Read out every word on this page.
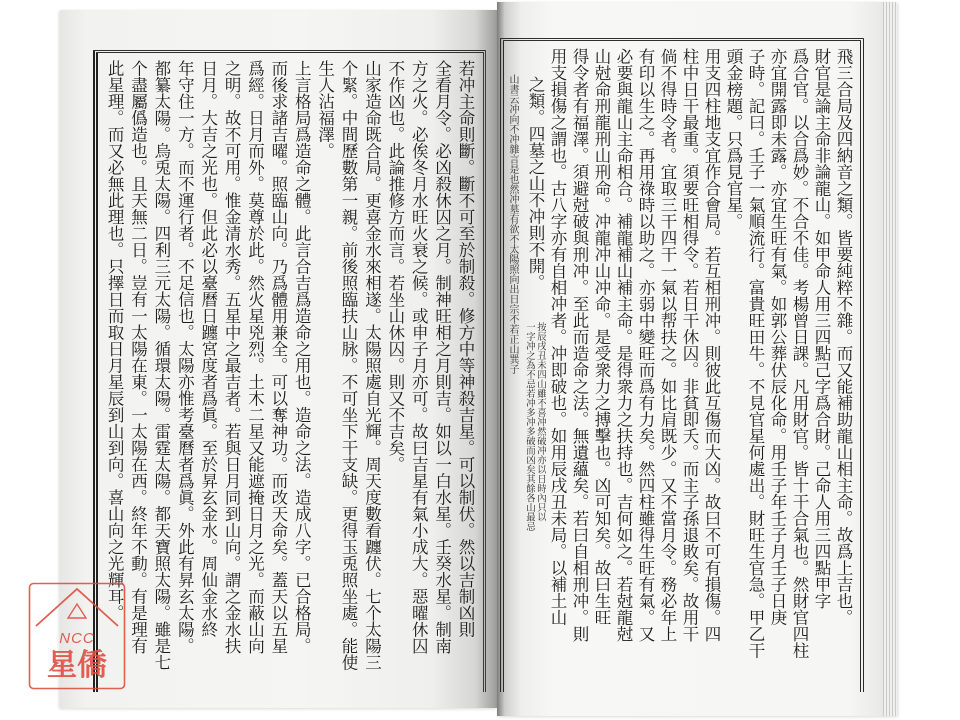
若冲主命則斷。斷不可至於制殺。修方中等神殺吉星。可以制伏。然以吉制凶則
全看月令。必凶殺休囚之月。制神旺相之月則吉。如以一白水星。壬癸水星。制南
方之火。必俟冬月水旺火衰之候。或申子月亦可。故曰吉星有氣小成大。惡曜休囚
不作凶也。此論推修方而言。若坐山休囚。則又不吉矣。
山家造命既合局。更喜金水來相遂。太陽照處自光輝。周天度數看躔伏。七个太陽三
个緊。中間歷數第一親。前後照臨扶山脉。不可坐下干支缺。更得玉兎照坐處。能使
生人沾福澤。
上言格局爲造命之體。此言合吉爲造命之用也。造命之法。造成八字。已合格局。
而後求諸吉曜。照臨山向。乃爲體用兼全。可以奪神功。而改天命矣。蓋天以五星
爲經。日月而外。莫尊於此。然火星兇烈。土木二星又能遮掩日月之光。而蔽山向
之明。故不可用。惟金清水秀。五星中之最吉者。若與日月同到山向。謂之金水扶
日月。大吉之光也。但此必以臺曆日躔宮度者爲眞。至於昇玄金水。周仙金水終
年守住一方。而不運行者。不足信也。太陽亦惟考臺曆者爲眞。外此有昇玄太陽。
都纂太陽。烏兎太陽。四利三元太陽。循環太陽。雷霆太陽。都天寶照太陽。雖是七
个盡屬僞造也。且天無二日。豈有一太陽在東。一太陽在西。終年不動。有是理有
此星理。而又必無此理也。只擇日而取日月星辰到山到向。喜山向之光輝耳。	山書云冲向不冲雜言是也然冲墓有欲不太陽照向出日宗不若正山巽子	飛三合局及四納音之類。皆要純粹不雜。而又能補助龍山相主命。故爲上吉也。
財官是論主命非論龍山。如甲命人用三四點己字爲合財。己命人用三四點甲字
爲合官。以合爲妙。不合不佳。考楊曾日課。凡用財官。皆十干合氣也。然財官四柱
亦宜開露即未露。亦宜生旺有氣。如郭公葬伏辰化命。用壬子年壬子月壬子日庚
子時。記曰。壬子一氣順流行。富貴旺田牛。不見官星何處出。財旺生官急。甲乙干
頭金榜題。只爲見官星。
用支四柱地支宜作合會局。若互相刑冲。則彼此互傷而大凶。故曰不可有損傷。四
柱中日干最重。須要旺相得令。若日干休囚。非貧即夭。而主子孫退敗矣。故用干
倘不得時令者。宜取三干四干一氣以帮扶之。如比肩既少。又不當月令。務必年上
有印以生之。再用祿時以助之。亦弱中變旺而爲有力矣。然四柱雖得生旺有氣。又
必要與龍山主命相合。補龍補山補主命。是得衆力之扶持也。吉何如之。若尅龍尅
山尅命刑龍刑山刑命。冲龍冲山冲命。是受衆力之搏擊也。凶可知矣。故曰生旺
得令者有福澤。須避尅破與刑冲。至此而造命之法。無遺蘊矣。若曰自相刑冲。則
用支損傷之謂也。古八字亦有自相冲者。冲即破也。如用辰戌丑未局。以補土山
之類。四墓之山不冲則不開。
按辰戌丑未四山雖不喜冲然破冲亦以日時內只以
一字冲之為不忌若冲多冲多破而凶矣其餘各山最忌
NCC
星僑
